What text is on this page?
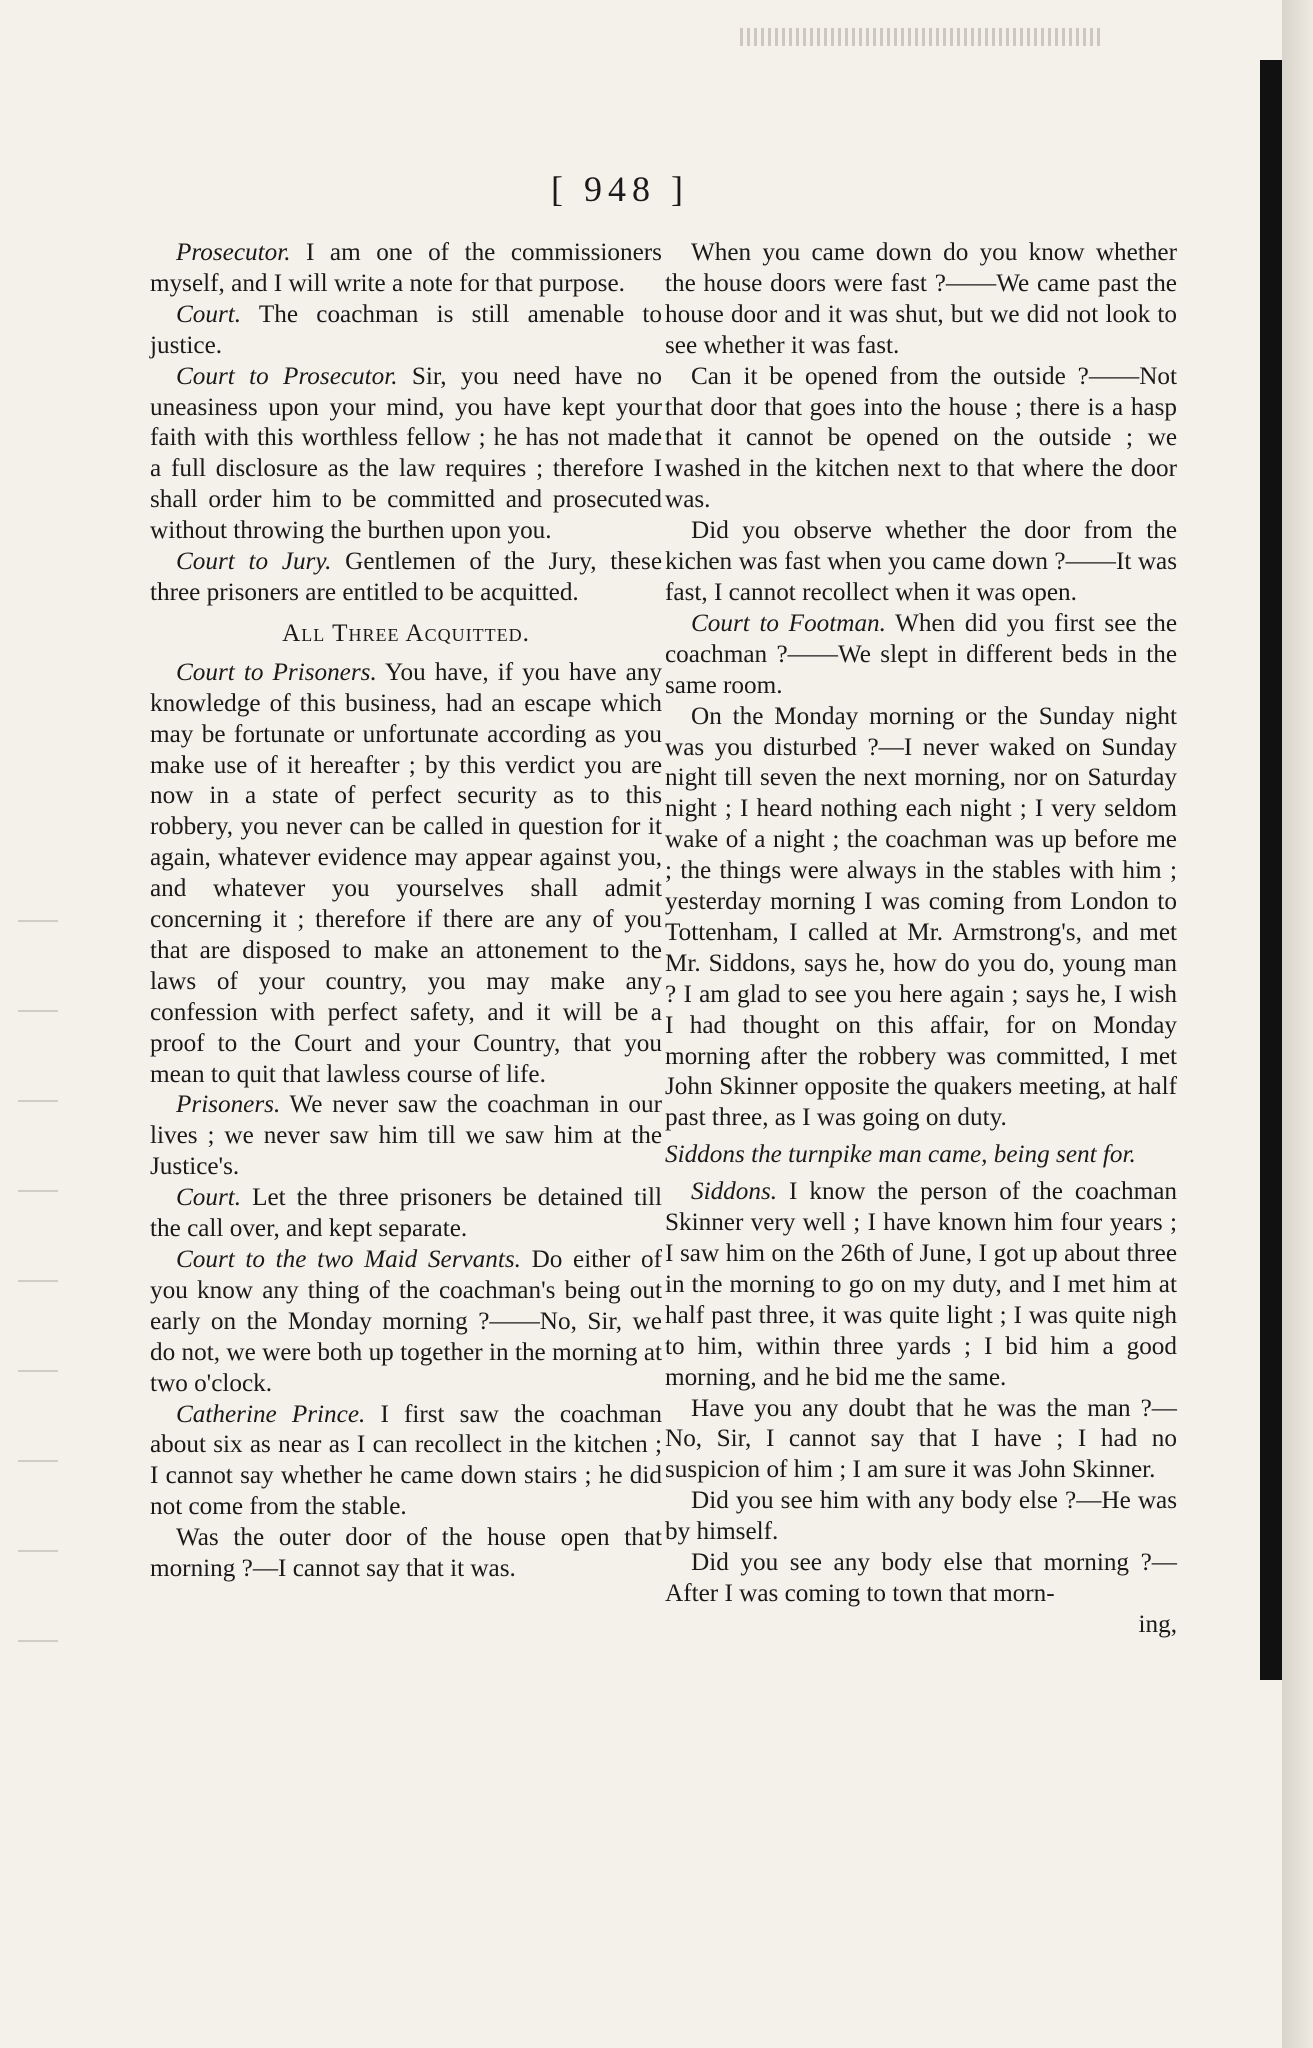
[ 948 ]

Prosecutor. I am one of the commissioners myself, and I will write a note for that purpose.

Court. The coachman is still amenable to justice.

Court to Prosecutor. Sir, you need have no uneasiness upon your mind, you have kept your faith with this worthless fellow ; he has not made a full disclosure as the law requires ; therefore I shall order him to be committed and prosecuted without throwing the burthen upon you.

Court to Jury. Gentlemen of the Jury, these three prisoners are entitled to be acquitted.

All Three Acquitted.

Court to Prisoners. You have, if you have any knowledge of this business, had an escape which may be fortunate or unfortunate according as you make use of it hereafter ; by this verdict you are now in a state of perfect security as to this robbery, you never can be called in question for it again, whatever evidence may appear against you, and whatever you yourselves shall admit concerning it ; therefore if there are any of you that are disposed to make an attonement to the laws of your country, you may make any confession with perfect safety, and it will be a proof to the Court and your Country, that you mean to quit that lawless course of life.

Prisoners. We never saw the coachman in our lives ; we never saw him till we saw him at the Justice's.

Court. Let the three prisoners be detained till the call over, and kept separate.

Court to the two Maid Servants. Do either of you know any thing of the coachman's being out early on the Monday morning ?——No, Sir, we do not, we were both up together in the morning at two o'clock.

Catherine Prince. I first saw the coachman about six as near as I can recollect in the kitchen ; I cannot say whether he came down stairs ; he did not come from the stable.

Was the outer door of the house open that morning ?—I cannot say that it was.

When you came down do you know whether the house doors were fast ?——We came past the house door and it was shut, but we did not look to see whether it was fast.

Can it be opened from the outside ?——Not that door that goes into the house ; there is a hasp that it cannot be opened on the outside ; we washed in the kitchen next to that where the door was.

Did you observe whether the door from the kichen was fast when you came down ?——It was fast, I cannot recollect when it was open.

Court to Footman. When did you first see the coachman ?——We slept in different beds in the same room.

On the Monday morning or the Sunday night was you disturbed ?—I never waked on Sunday night till seven the next morning, nor on Saturday night ; I heard nothing each night ; I very seldom wake of a night ; the coachman was up before me ; the things were always in the stables with him ; yesterday morning I was coming from London to Tottenham, I called at Mr. Armstrong's, and met Mr. Siddons, says he, how do you do, young man ? I am glad to see you here again ; says he, I wish I had thought on this affair, for on Monday morning after the robbery was committed, I met John Skinner opposite the quakers meeting, at half past three, as I was going on duty.

Siddons the turnpike man came, being sent for.

Siddons. I know the person of the coachman Skinner very well ; I have known him four years ; I saw him on the 26th of June, I got up about three in the morning to go on my duty, and I met him at half past three, it was quite light ; I was quite nigh to him, within three yards ; I bid him a good morning, and he bid me the same.

Have you any doubt that he was the man ?—No, Sir, I cannot say that I have ; I had no suspicion of him ; I am sure it was John Skinner.

Did you see him with any body else ?—He was by himself.

Did you see any body else that morning ?—After I was coming to town that morn-

ing,
